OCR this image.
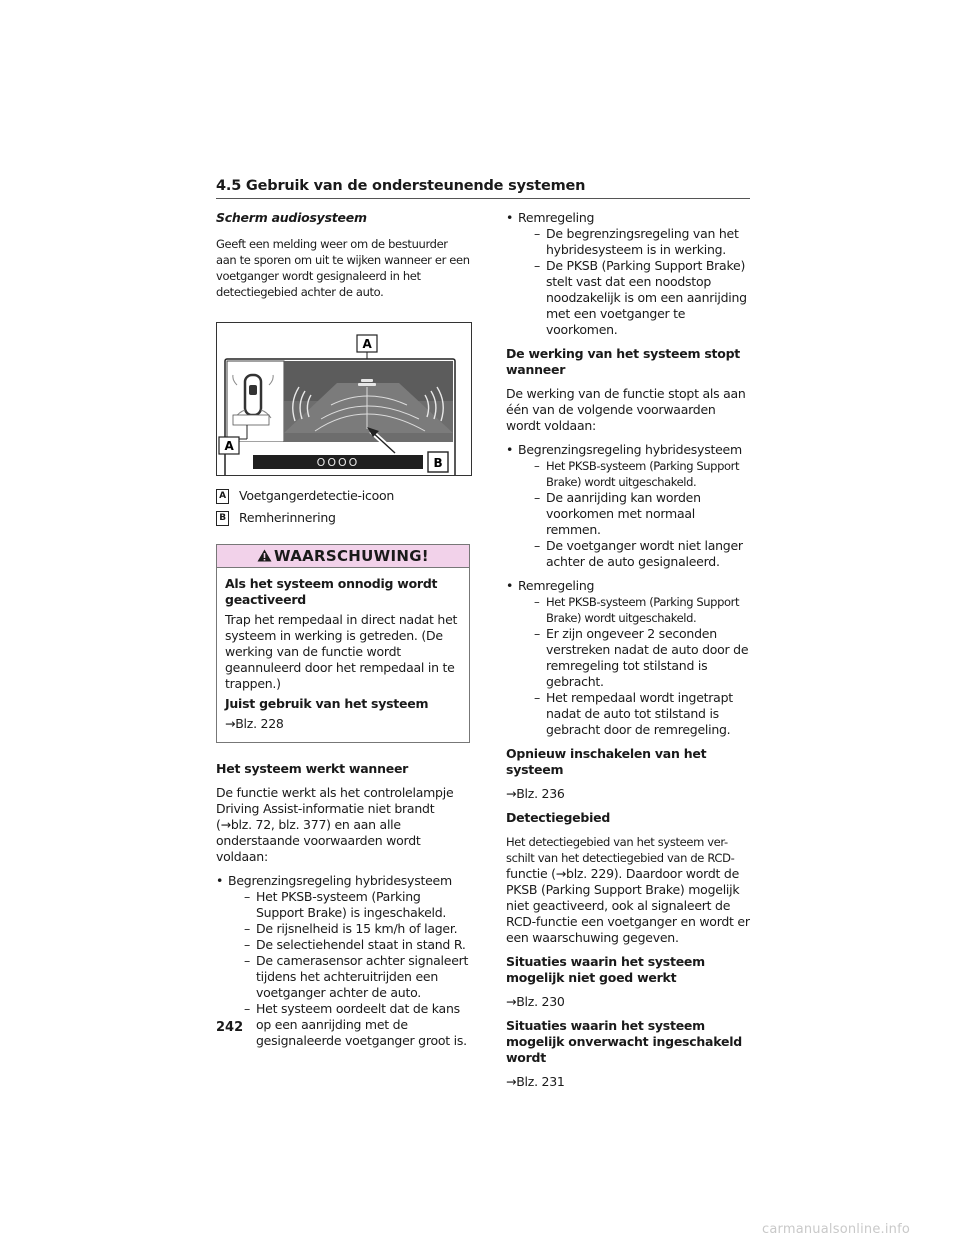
4.5 Gebruik van de ondersteunende systemen
Scherm audiosysteem

Geeft een melding weer om de bestuurder aan te sporen om uit te wijken wanneer er een voetganger wordt gesignaleerd in het detectiegebied achter de auto.

A
OOOO	B
A
A Voetgangerdetectie-icoon
B Remherinnering
WAARSCHUWING!

Als het systeem onnodig wordt geactiveerd

Trap het rempedaal in direct nadat het systeem in werking is getreden. (De werking van de functie wordt geannuleerd door het rempedaal in te trappen.)

Juist gebruik van het systeem

→Blz. 228

Het systeem werkt wanneer

De functie werkt als het controlelampje Driving Assist-informatie niet brandt (→blz. 72, blz. 377) en aan alle onderstaande voorwaarden wordt voldaan:

• Begrenzingsregeling hybridesysteem
– Het PKSB-systeem (Parking Support Brake) is ingeschakeld.
– De rijsnelheid is 15 km/h of lager.
– De selectiehendel staat in stand R.
– De camerasensor achter signaleert tijdens het achteruitrijden een voetganger achter de auto.
– Het systeem oordeelt dat de kans op een aanrijding met de gesignaleerde voetganger groot is.
• Remregeling
– De begrenzingsregeling van het hybridesysteem is in werking.
– De PKSB (Parking Support Brake) stelt vast dat een noodstop noodzakelijk is om een aanrijding met een voetganger te voorkomen.

De werking van het systeem stopt wanneer

De werking van de functie stopt als aan één van de volgende voorwaarden wordt voldaan:

• Begrenzingsregeling hybridesysteem
– Het PKSB-systeem (Parking Support Brake) wordt uitgeschakeld.
– De aanrijding kan worden voorkomen met normaal remmen.
– De voetganger wordt niet langer achter de auto gesignaleerd.
• Remregeling
– Het PKSB-systeem (Parking Support Brake) wordt uitgeschakeld.
– Er zijn ongeveer 2 seconden verstreken nadat de auto door de remregeling tot stilstand is gebracht.
– Het rempedaal wordt ingetrapt nadat de auto tot stilstand is gebracht door de remregeling.

Opnieuw inschakelen van het systeem

→Blz. 236

Detectiegebied

Het detectiegebied van het systeem ver-schilt van het detectiegebied van de RCD- functie (→blz. 229). Daardoor wordt de PKSB (Parking Support Brake) mogelijk niet geactiveerd, ook al signaleert de RCD-functie een voetganger en wordt er een waarschuwing gegeven.

Situaties waarin het systeem mogelijk niet goed werkt

→Blz. 230

Situaties waarin het systeem mogelijk onverwacht ingeschakeld wordt

→Blz. 231

242
carmanualsonline.info
